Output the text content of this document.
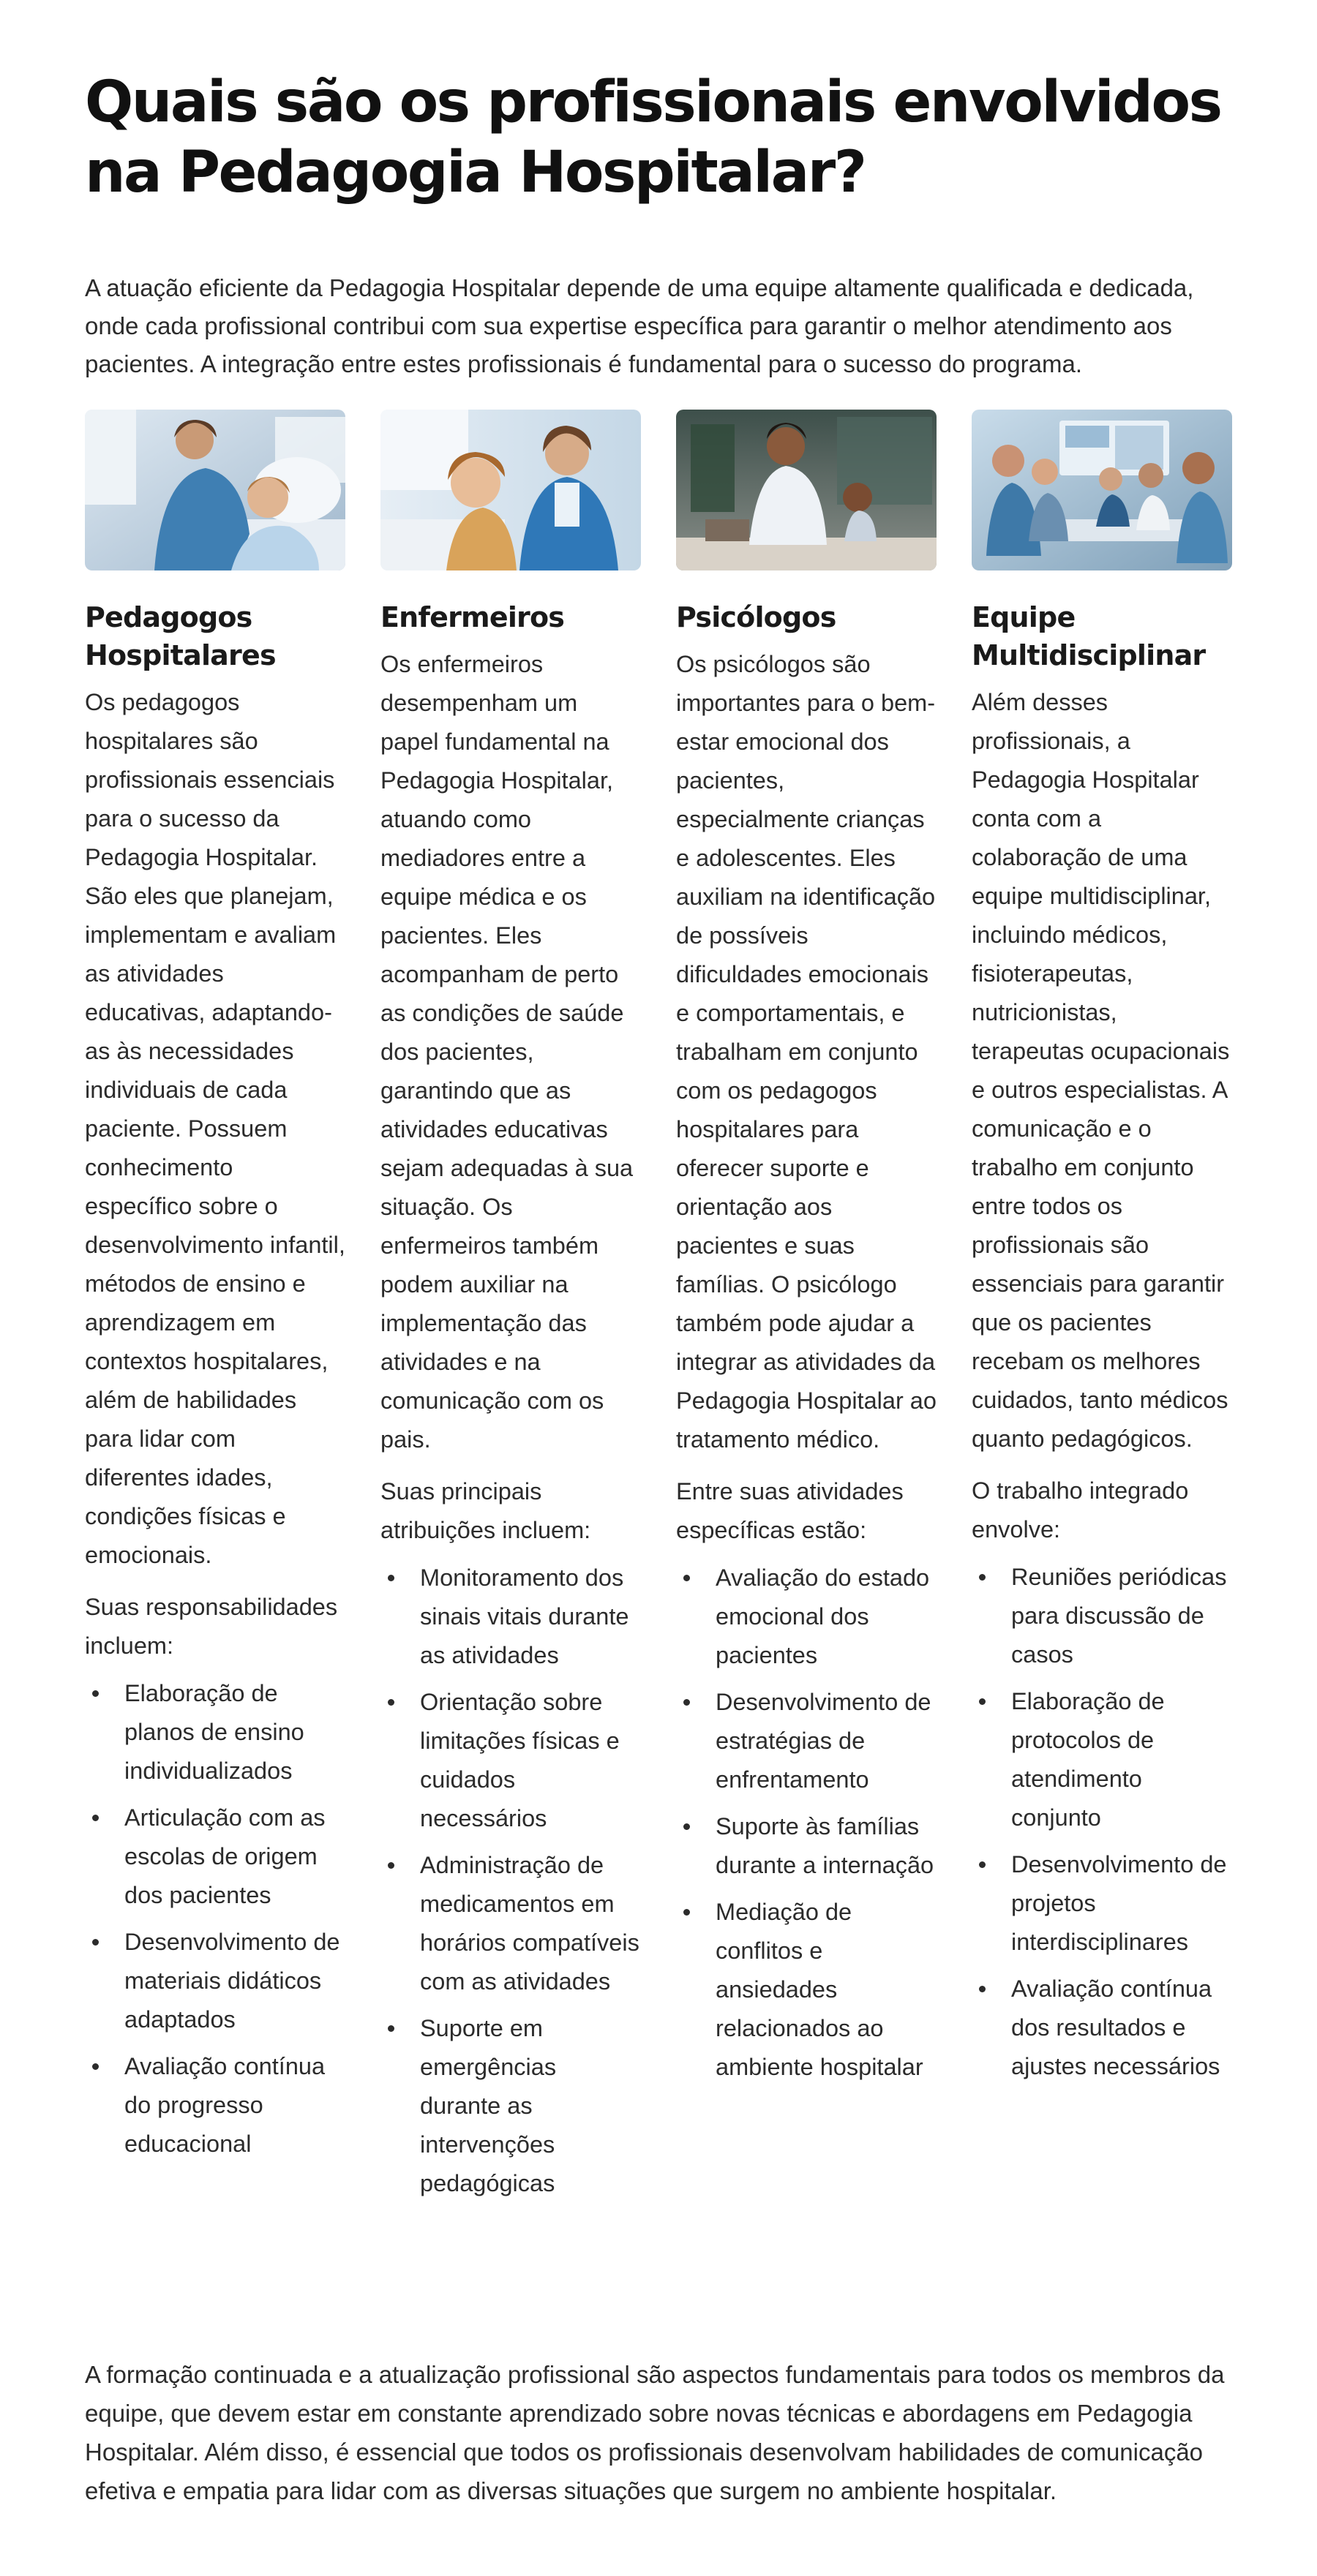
Quais são os profissionais envolvidos na Pedagogia Hospitalar?

A atuação eficiente da Pedagogia Hospitalar depende de uma equipe altamente qualificada e dedicada, onde cada profissional contribui com sua expertise específica para garantir o melhor atendimento aos pacientes. A integração entre estes profissionais é fundamental para o sucesso do programa.

Pedagogos Hospitalares

Os pedagogos hospitalares são profissionais essenciais para o sucesso da Pedagogia Hospitalar. São eles que planejam, implementam e avaliam as atividades educativas, adaptando-as às necessidades individuais de cada paciente. Possuem conhecimento específico sobre o desenvolvimento infantil, métodos de ensino e aprendizagem em contextos hospitalares, além de habilidades para lidar com diferentes idades, condições físicas e emocionais.

Suas responsabilidades incluem:

Elaboração de planos de ensino individualizados
Articulação com as escolas de origem dos pacientes
Desenvolvimento de materiais didáticos adaptados
Avaliação contínua do progresso educacional
Enfermeiros

Os enfermeiros desempenham um papel fundamental na Pedagogia Hospitalar, atuando como mediadores entre a equipe médica e os pacientes. Eles acompanham de perto as condições de saúde dos pacientes, garantindo que as atividades educativas sejam adequadas à sua situação. Os enfermeiros também podem auxiliar na implementação das atividades e na comunicação com os pais.

Suas principais atribuições incluem:

Monitoramento dos sinais vitais durante as atividades
Orientação sobre limitações físicas e cuidados necessários
Administração de medicamentos em horários compatíveis com as atividades
Suporte em emergências durante as intervenções pedagógicas
Psicólogos

Os psicólogos são importantes para o bem-estar emocional dos pacientes, especialmente crianças e adolescentes. Eles auxiliam na identificação de possíveis dificuldades emocionais e comportamentais, e trabalham em conjunto com os pedagogos hospitalares para oferecer suporte e orientação aos pacientes e suas famílias. O psicólogo também pode ajudar a integrar as atividades da Pedagogia Hospitalar ao tratamento médico.

Entre suas atividades específicas estão:

Avaliação do estado emocional dos pacientes
Desenvolvimento de estratégias de enfrentamento
Suporte às famílias durante a internação
Mediação de conflitos e ansiedades relacionados ao ambiente hospitalar
Equipe Multidisciplinar

Além desses profissionais, a Pedagogia Hospitalar conta com a colaboração de uma equipe multidisciplinar, incluindo médicos, fisioterapeutas, nutricionistas, terapeutas ocupacionais e outros especialistas. A comunicação e o trabalho em conjunto entre todos os profissionais são essenciais para garantir que os pacientes recebam os melhores cuidados, tanto médicos quanto pedagógicos.

O trabalho integrado envolve:

Reuniões periódicas para discussão de casos
Elaboração de protocolos de atendimento conjunto
Desenvolvimento de projetos interdisciplinares
Avaliação contínua dos resultados e ajustes necessários

A formação continuada e a atualização profissional são aspectos fundamentais para todos os membros da equipe, que devem estar em constante aprendizado sobre novas técnicas e abordagens em Pedagogia Hospitalar. Além disso, é essencial que todos os profissionais desenvolvam habilidades de comunicação efetiva e empatia para lidar com as diversas situações que surgem no ambiente hospitalar.
